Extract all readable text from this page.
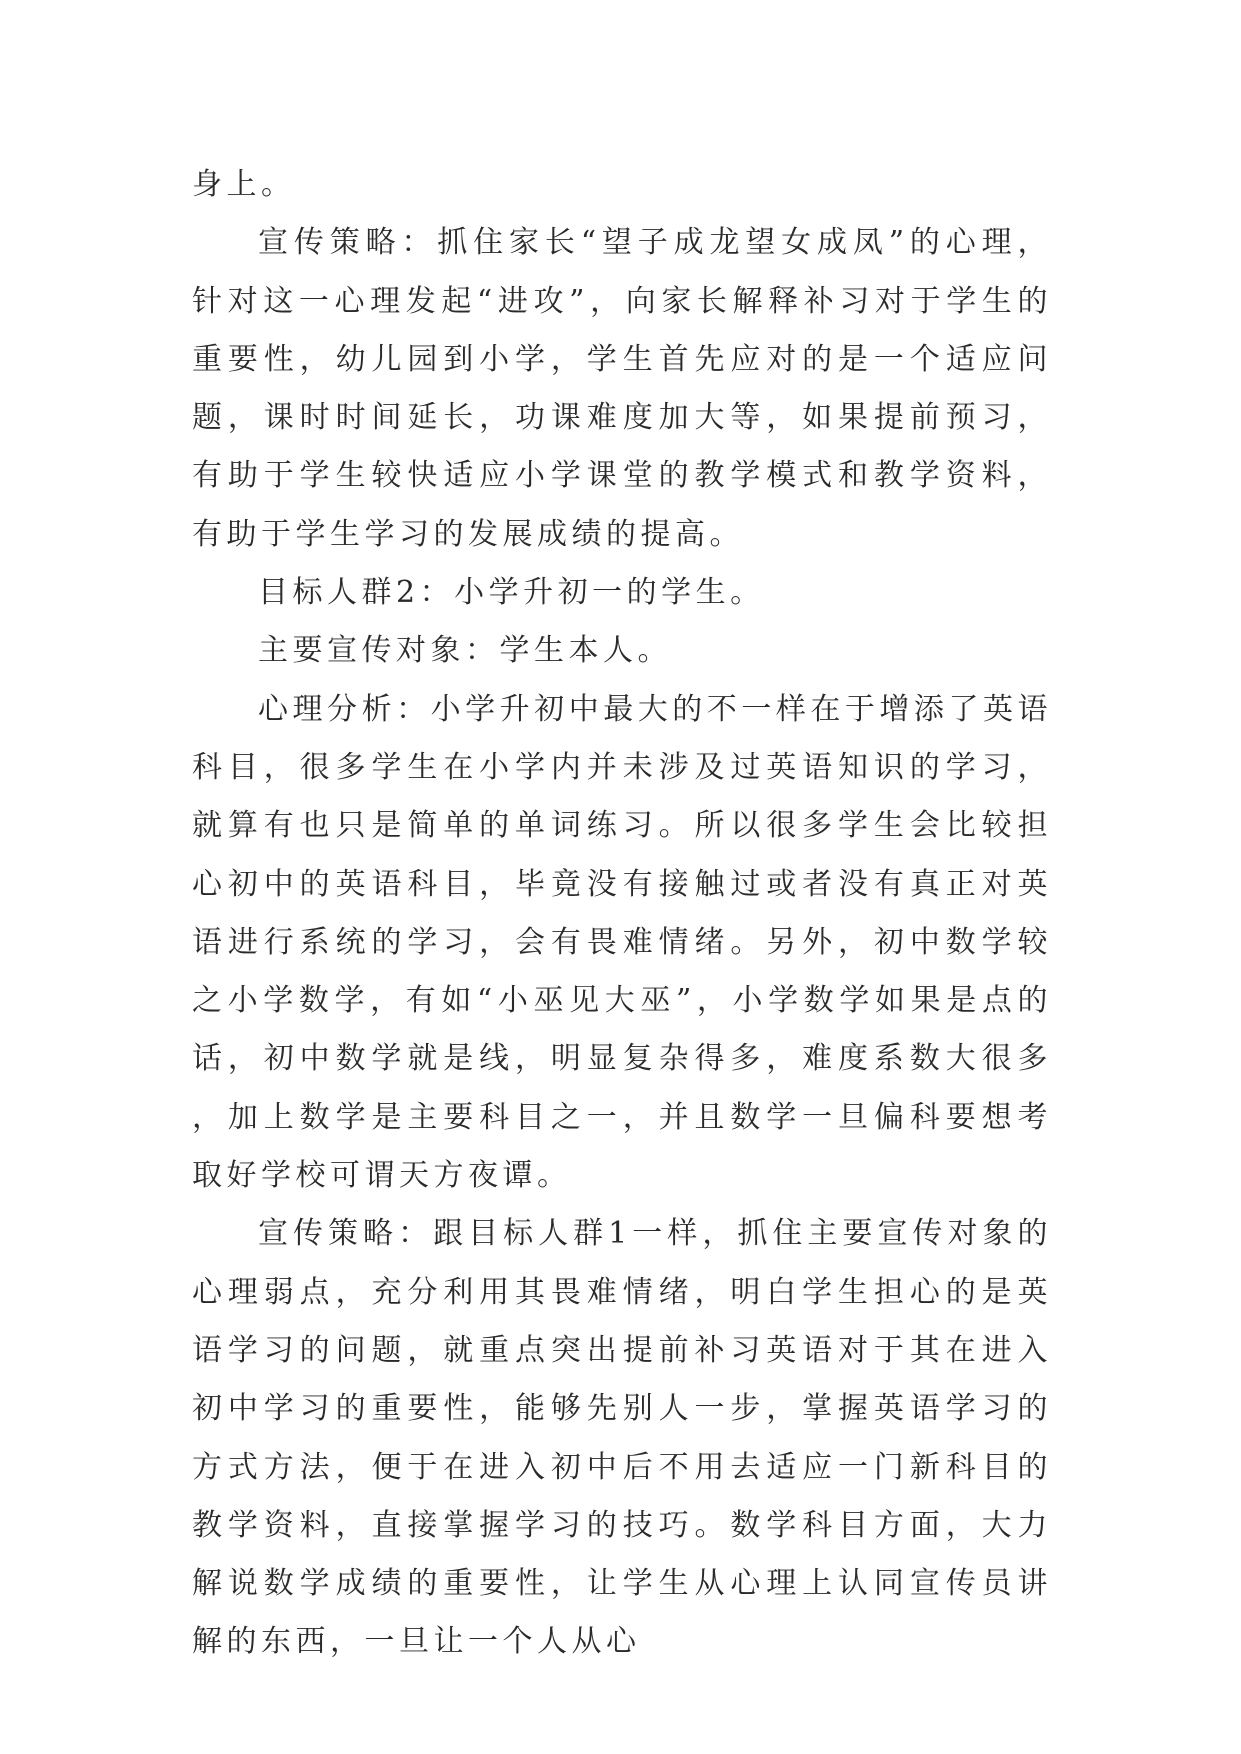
身上。

宣传策略：抓住家长“望子成龙望女成凤”的心理，针对这一心理发起“进攻”，向家长解释补习对于学生的重要性，幼儿园到小学，学生首先应对的是一个适应问题，课时时间延长，功课难度加大等，如果提前预习，有助于学生较快适应小学课堂的教学模式和教学资料，有助于学生学习的发展成绩的提高。

目标人群2：小学升初一的学生。

主要宣传对象：学生本人。

心理分析：小学升初中最大的不一样在于增添了英语科目，很多学生在小学内并未涉及过英语知识的学习，就算有也只是简单的单词练习。所以很多学生会比较担心初中的英语科目，毕竟没有接触过或者没有真正对英语进行系统的学习，会有畏难情绪。另外，初中数学较之小学数学，有如“小巫见大巫”，小学数学如果是点的话，初中数学就是线，明显复杂得多，难度系数大很多，加上数学是主要科目之一，并且数学一旦偏科要想考取好学校可谓天方夜谭。

宣传策略：跟目标人群1一样，抓住主要宣传对象的心理弱点，充分利用其畏难情绪，明白学生担心的是英语学习的问题，就重点突出提前补习英语对于其在进入初中学习的重要性，能够先别人一步，掌握英语学习的方式方法，便于在进入初中后不用去适应一门新科目的教学资料，直接掌握学习的技巧。数学科目方面，大力解说数学成绩的重要性，让学生从心理上认同宣传员讲解的东西，一旦让一个人从心
